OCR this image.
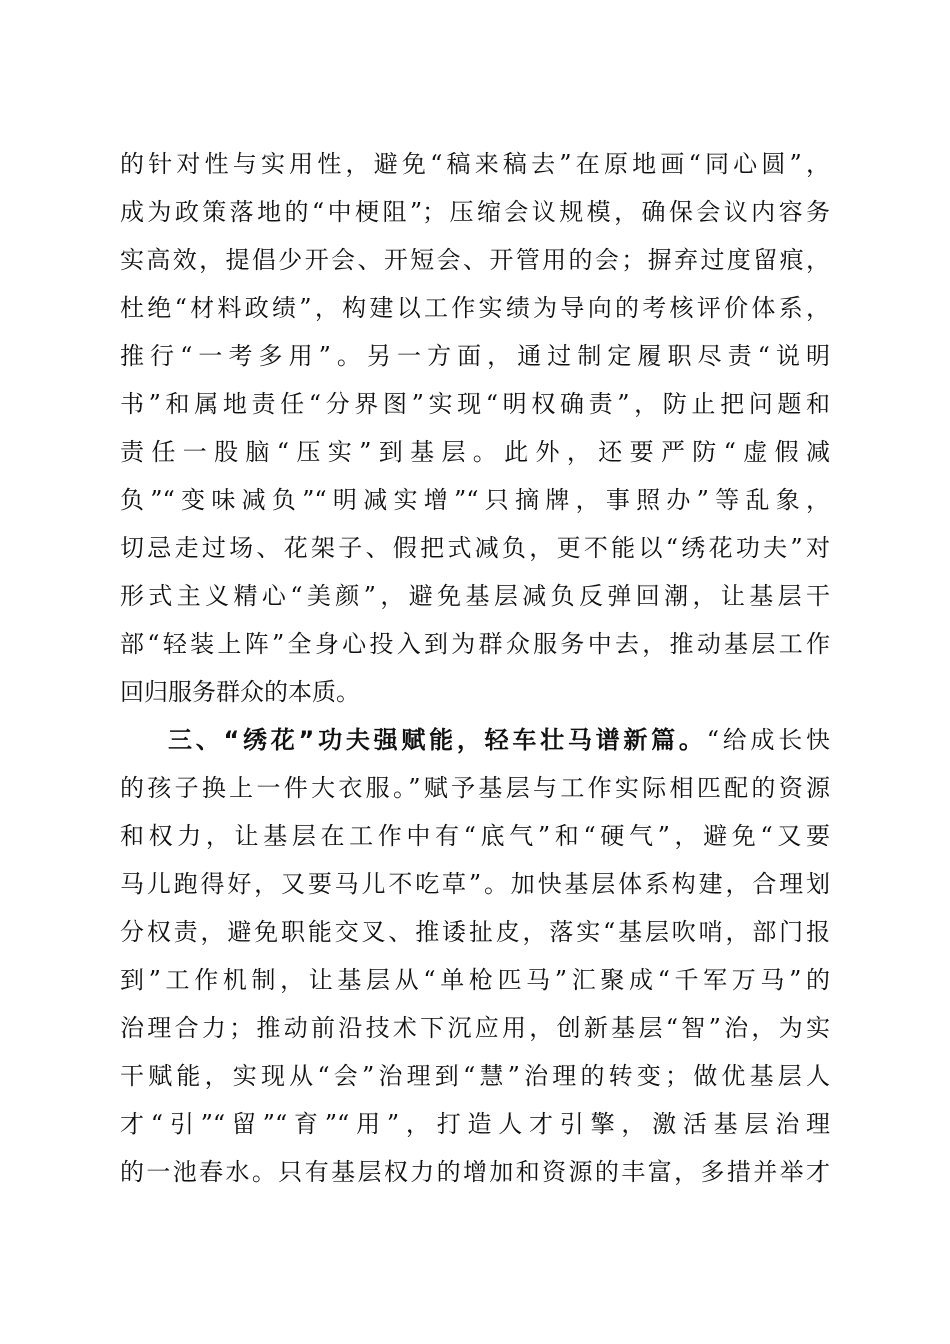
的针对性与实用性，避免“稿来稿去”在原地画“同心圆”，
成为政策落地的“中梗阻”；压缩会议规模，确保会议内容务
实高效，提倡少开会、开短会、开管用的会；摒弃过度留痕，
杜绝“材料政绩”，构建以工作实绩为导向的考核评价体系，
推行“一考多用”。另一方面，通过制定履职尽责“说明
书”和属地责任“分界图”实现“明权确责”，防止把问题和
责任一股脑“压实”到基层。此外，还要严防“虚假减
负”“变味减负”“明减实增”“只摘牌，事照办”等乱象，
切忌走过场、花架子、假把式减负，更不能以“绣花功夫”对
形式主义精心“美颜”，避免基层减负反弹回潮，让基层干
部“轻装上阵”全身心投入到为群众服务中去，推动基层工作
回归服务群众的本质。
三、“绣花”功夫强赋能，轻车壮马谱新篇。“给成长快
的孩子换上一件大衣服。”赋予基层与工作实际相匹配的资源
和权力，让基层在工作中有“底气”和“硬气”，避免“又要
马儿跑得好，又要马儿不吃草”。加快基层体系构建，合理划
分权责，避免职能交叉、推诿扯皮，落实“基层吹哨，部门报
到”工作机制，让基层从“单枪匹马”汇聚成“千军万马”的
治理合力；推动前沿技术下沉应用，创新基层“智”治，为实
干赋能，实现从“会”治理到“慧”治理的转变；做优基层人
才“引”“留”“育”“用”，打造人才引擎，激活基层治理
的一池春水。只有基层权力的增加和资源的丰富，多措并举才
